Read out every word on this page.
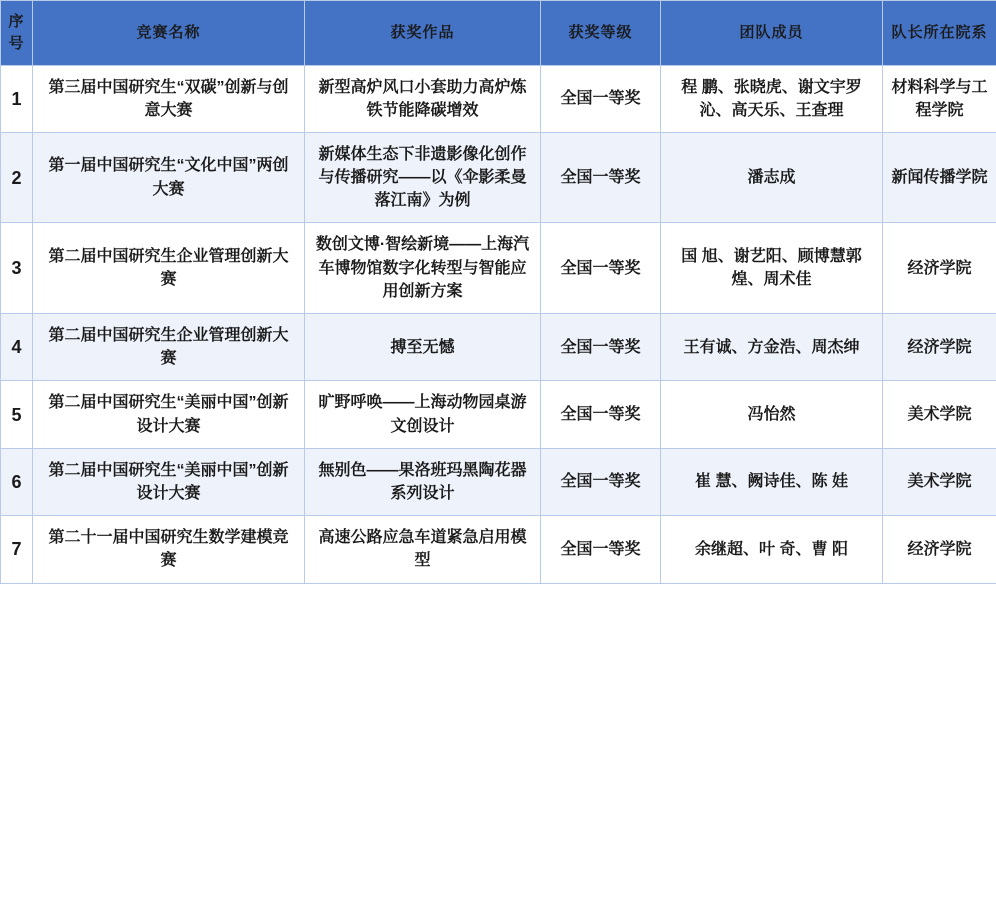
序号	竞赛名称	获奖作品	获奖等级	团队成员	队长所在院系
1	第三届中国研究生“双碳”创新与创意大赛	新型高炉风口小套助力高炉炼铁节能降碳增效	全国一等奖	程 鹏、张晓虎、谢文宇罗 沁、高天乐、王查理	材料科学与工程学院
2	第一届中国研究生“文化中国”两创大赛	新媒体生态下非遗影像化创作与传播研究——以《伞影柔曼落江南》为例	全国一等奖	潘志成	新闻传播学院
3	第二届中国研究生企业管理创新大赛	数创文博·智绘新境——上海汽车博物馆数字化转型与智能应用创新方案	全国一等奖	国 旭、谢艺阳、顾博慧郭 煌、周术佳	经济学院
4	第二届中国研究生企业管理创新大赛	搏至无憾	全国一等奖	王有诚、方金浩、周杰绅	经济学院
5	第二届中国研究生“美丽中国”创新设计大赛	旷野呼唤——上海动物园桌游文创设计	全国一等奖	冯怡然	美术学院
6	第二届中国研究生“美丽中国”创新设计大赛	無别色——果洛班玛黑陶花器系列设计	全国一等奖	崔 慧、阙诗佳、陈 娃	美术学院
7	第二十一届中国研究生数学建模竞赛	高速公路应急车道紧急启用模型	全国一等奖	余继超、叶 奇、曹 阳	经济学院
